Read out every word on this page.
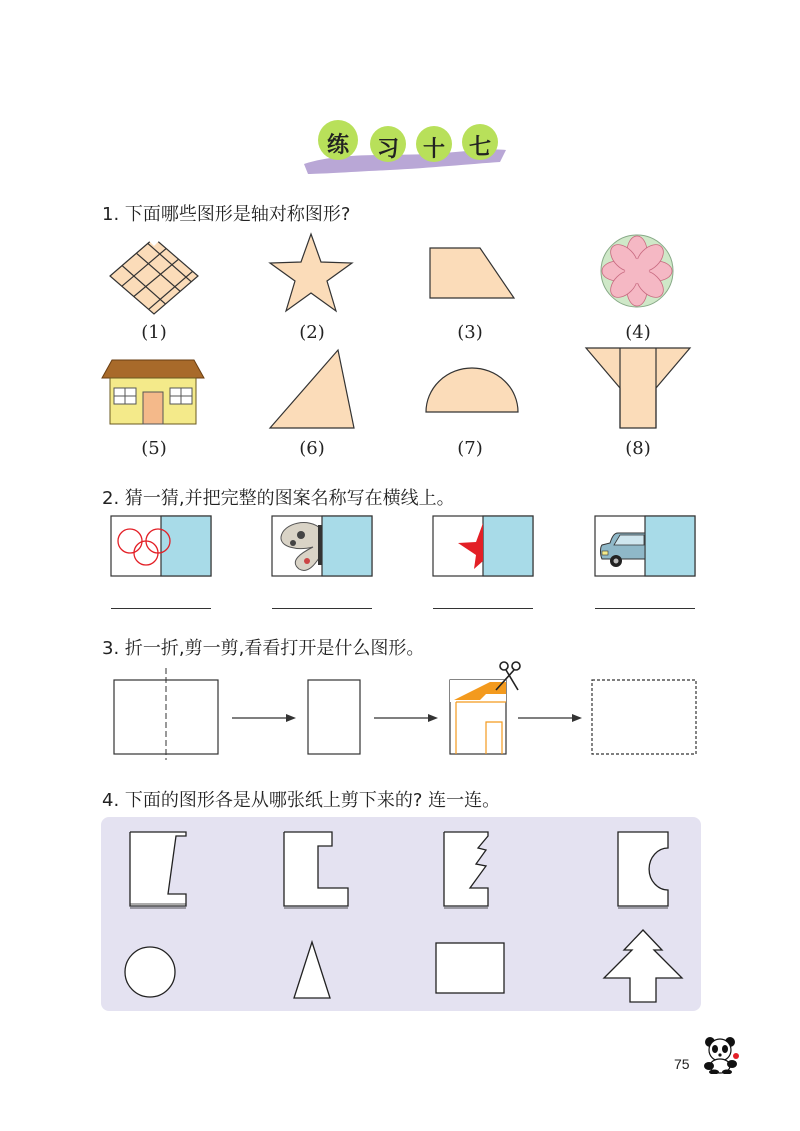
练	习	十	七
1. 下面哪些图形是轴对称图形?
(1)	(2)	(3)	(4)
(5)	(6)	(7)	(8)
2. 猜一猜,并把完整的图案名称写在横线上。
3. 折一折,剪一剪,看看打开是什么图形。
4. 下面的图形各是从哪张纸上剪下来的? 连一连。
75
